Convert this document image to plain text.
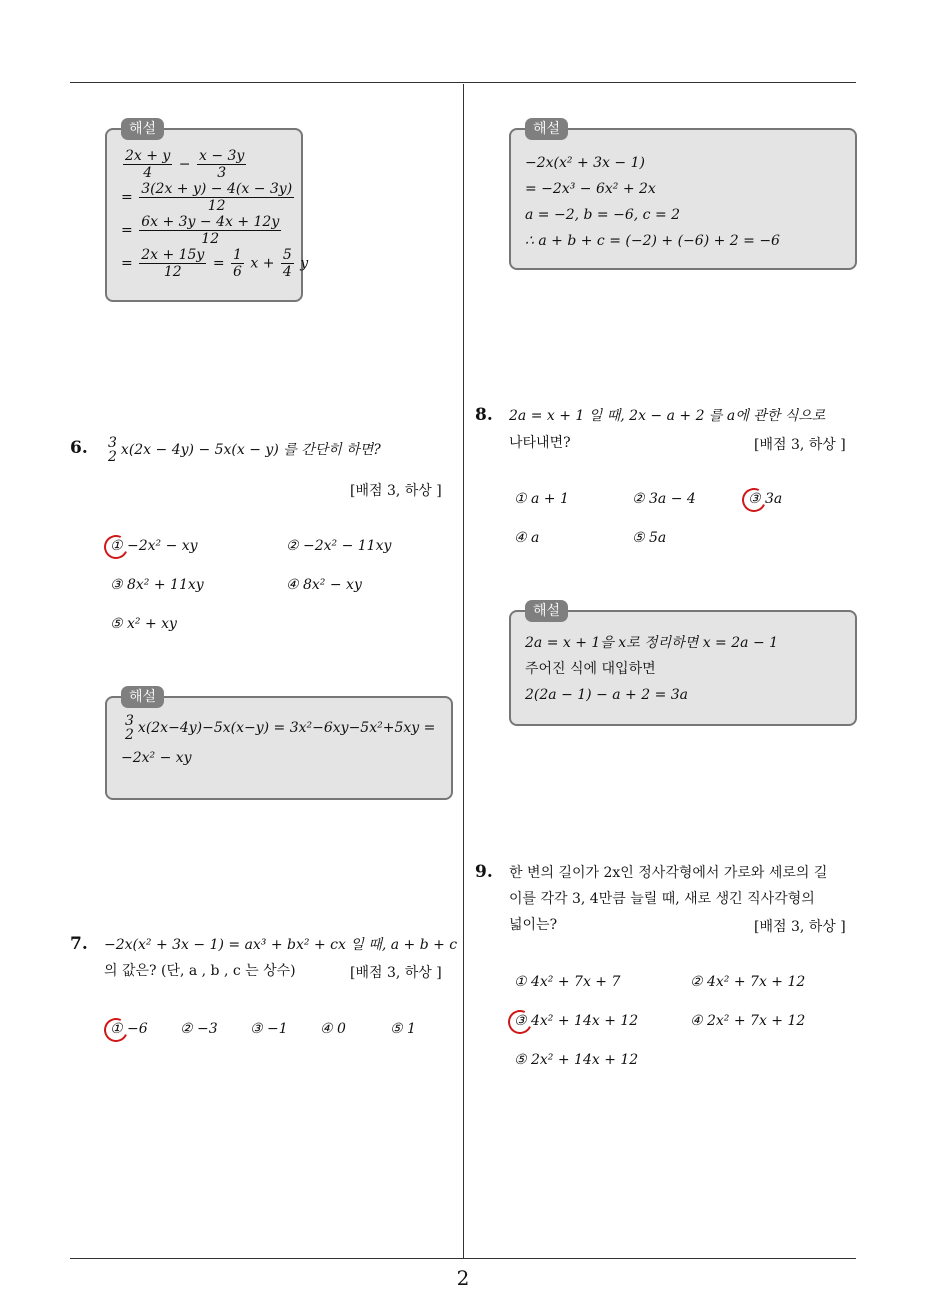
2
해설
$\frac{2x + y}{4} - \frac{x - 3y}{3}$
= $\frac{3(2x + y) - 4(x - 3y)}{12}$
= $\frac{6x + 3y - 4x + 12y}{12}$
= $\frac{2x + 15y}{12} = \frac{1}{6}$ $x + \frac{5}{4}$ y
해설
−2x(x² + 3x − 1)
= −2x³ − 6x² + 2x
a = −2, b = −6, c = 2
∴ a + b + c = (−2) + (−6) + 2 = −6
6. 3
2 x(2x − 4y) − 5x(x − y) 를 간단히 하면?
[배점 3, 하상 ]
① −2x² − xy	② −2x² − 11xy
③ 8x² + 11xy	④ 8x² − xy
⑤ x² + xy
해설
3
2 x(2x−4y)−5x(x−y) = 3x²−6xy−5x²+5xy =
−2x² − xy
7. −2x(x² + 3x − 1) = ax³ + bx² + cx 일 때, a + b + c
의 값은? (단, a , b , c 는 상수)	[배점 3, 하상 ]
① −6 ② −3 ③ −1 ④ 0	⑤ 1
8. 2a = x + 1 일 때, 2x − a + 2 를 a에 관한 식으로
나타내면?	[배점 3, 하상 ]
① a + 1	② 3a − 4	③ 3a
④ a	⑤ 5a
해설
2a = x + 1을 x로 정리하면 x = 2a − 1
주어진 식에 대입하면
2(2a − 1) − a + 2 = 3a
9. 한 변의 길이가 2x인 정사각형에서 가로와 세로의 길
이를 각각 3, 4만큼 늘릴 때, 새로 생긴 직사각형의
넓이는?	[배점 3, 하상 ]
① 4x² + 7x + 7	② 4x² + 7x + 12
③ 4x² + 14x + 12	④ 2x² + 7x + 12
⑤ 2x² + 14x + 12
